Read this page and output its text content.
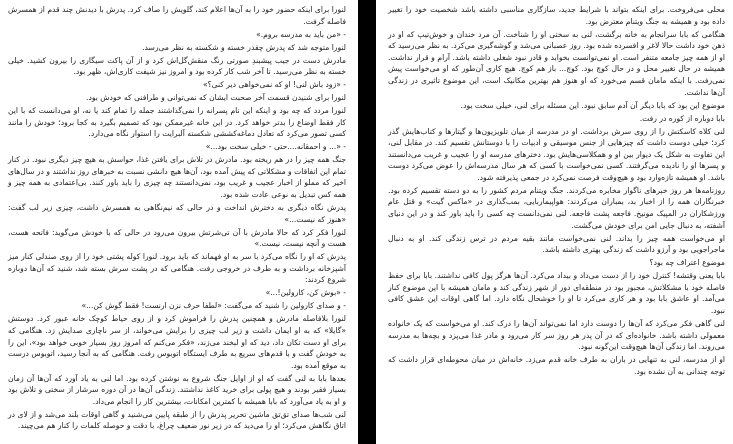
لنورا برای اینکه حضور خود را به آن‌ها اعلام کند، گلویش را صاف کرد. پدرش با دیدنش چند قدم از همسرش فاصله گرفت.

- «من باید به مدرسه بروم.»

لنورا متوجه شد که پدرش چقدر خسته و شکسته به نظر می‌رسد.

مادرش دست در جیب پیشبندِ صورتی رنگ منقش‌گل‌اش کرد و از آن پاکت سیگاری را بیرون کشید. خیلی خسته به نظر می‌رسید. تا آخر شب کار کرده بود و امروز نیز شیفت کاری‌اش، ظهر بود.

- «زود باش لنی! او که نمی‌خواهی دیر کنی؟»

لنورا برای شنیدن قسمت آخر صحبت ایشان که نمی‌توانی و طرافنی که خودش بود.

لنورا مردد که چه بود و اینکه این نام پسرانه را نمی‌گذاشتند جمله را تمام کند یا نه، او می‌دانست که با این کار فقط اوضاع را بدتر خواهد کرد. در این خانه غیرممکن بود که تصمیم بگیرد به کجا برود؛ خودش را مانند کسی تصور می‌کرد که تعادل دماغه‌کششی شکسته آلبرایت را استوار نگاه می‌دارد.

- «... و احمقانه....حتی - خیلی سخت بود...»

جنگ همه چیز را در هم ریخته بود. مادرش در تلاش برای یافتن غذا، حواسش به هیچ چیز دیگری نبود. در کنار تمام این اتفاقات و مشکلاتی که پیش آمده بود، آن‌ها هیچ دانشی نسبت به خبرهای روز نداشتند و در سال‌های اخیر که مملو از اخبار عجیب و غریب بود، نمی‌دانستند چه چیزی را باید باور کنند. بی‌اعتمادی به همه چیز و همه کس تبدیل به نوعی عادت شده بود.

پدرش نگاه دیگری به دخترش انداخت و در حالی که نیم‌نگاهی به همسرش داشت، چیزی زیر لب گفت: «هنوز که نیست...»

لنورا فکر کرد که حالا مادرش با آن تی‌شرتش بیرون می‌رود در حالی که با خودش می‌گوید: فاتحه هست، هست و آنچه نیست، نیست.»

پدرش که او را نگاه می‌کرد با سر به او فهماند که باید برود. لنورا کوله پشتی خود را از روی صندلی کنار میز آشپزخانه برداشت و به طرف در خروجی رفت. هنگامی که در پشت سرش بسته شد، شنید که آن‌ها دوباره شروع کردند:

- «بوش کن، کارولین!...»

- و صدای کارولین را شنید که می‌گفت: «لطفا حرف نزن ارنست! فقط گوش کن...»

لنورا بلافاصله مادرش و همچنین پدرش را فراموش کرد و از روی حیاط کوچک خانه عبور کرد. دوستش «گایلا» که به او ایمان داشت و زیر لب چیزی را برایش می‌خواند، از سر ناچاری صدایش زد. هنگامی که برای او دست تکان داد، دید که او لبخند می‌زند، «فکر می‌کنم که امروز روز بسیار خوبی خواهد بود»، این را به خودش گفت و با قدم‌های سریع به طرف ایستگاه اتوبوس رفت. هنگامی که به آنجا رسید، اتوبوس درست به موقع آمده بود.

بعدها بابا به لنی گفت که او از اوایل جنگ شروع به نوشتن کرده بود. اما لنی به یاد آورد که آن‌ها آن زمان بسیار فقیر بودند و هیچ پولی برای خرید کاغذ نداشتند. زندگی آن‌ها در آن دوره سرشار از سختی و تلاش بود و او به یاد می‌آورد که بابا همیشه با کمترین امکانات، بیشترین کار را انجام می‌داد.

لنی شب‌ها صدای تق‌تق ماشین تحریر پدرش را از طبقه پایین می‌شنید و گاهی اوقات بلند می‌شد و از لای در اتاق نگاهش می‌کرد؛ او را می‌دید که در زیر نور ضعیف چراغ، با دقت و حوصله کلمات را کنار هم می‌چیند.

محلی می‌فروخت. برای اینکه بتواند با شرایط جدید، سازگاری مناسبی داشته باشد شخصیت خود را تغییر داده بود و همیشه به جنگ ویتنام معترض بود.

هنگامی که بابا سرانجام به خانه برگشت، لنی به سختی او را شناخت. آن مرد خندان و خوش‌تیپ که او در ذهن خود داشت حالا لاغر و افسرده شده بود. روز عصبانی می‌شد و گوشه‌گیری می‌کرد. به نظر می‌رسید که او از همه چیز جامعه متنفر است. او نمی‌توانست بخوابد و قادر نبود شغلی داشته باشد. آرام و قرار نداشت. همیشه در حال تغییر محل و در حال کوچ بود. کوچ... باز هم کوچ. هیچ کاری آن‌طور که او می‌خواست پیش نمی‌رفت. با اینکه مامان قسم می‌خورد که او هنوز هم بهترین مکانیک است، این موضوع تاثیری در زندگی آن‌ها نداشت.

موضوع این بود که بابا دیگر آن آدم سابق نبود. این مسئله برای لنی، خیلی سخت بود.

بابا دوباره از کوره در رفت.

لنی کلاه کاسکتش را از روی سرش برداشت. او در مدرسه از میان تلویزیون‌ها و گیتارها و کتاب‌هایش گذر کرد؛ خیلی دوست داشت که چیزهایی از جنس موسیقی و ادبیات را با دوستانش تقسیم کند. در مقابل لنی، این تفاوت به شکل یک دیوار بین او و همکلاسی‌هایش بود. دخترهای مدرسه او را عجیب و غریب می‌دانستند و پسرها او را نادیده می‌گرفتند. کسی نمی‌خواست با کسی که هر سال مدرسه‌اش را عوض می‌کرد دوست باشد. او همیشه تازه‌وارد بود و هیچ‌وقت فرصت نمی‌کرد در جمعی پذیرفته شود.

روزنامه‌ها هر روز خبرهای ناگوار مخابره می‌کردند. جنگ ویتنام مردم کشور را به دو دسته تقسیم کرده بود. خبرنگاران همه را از اخبار بد، بمباران می‌کردند: هواپیماربایی، بمب‌گذاری در «ماکس گیت» و قتل عام ورزشکاران در المپیک مونیخ. فاجعه پشت فاجعه. لنی نمی‌دانست چه کسی را باید باور کند و در این دنیای آشفته، به دنبال جایی امن برای خودش می‌گشت.

او می‌خواست همه چیز را بداند. لنی نمی‌خواست مانند بقیه مردم در ترس زندگی کند. او به دنبال ماجراجویی بود و آرزو داشت که زندگی بهتری داشته باشد.

موضوع اعتراف چه بود؟

بابا یعنی وقتشه! کنترل خود را از دست می‌داد و بیداد می‌کرد. آن‌ها هرگز پول کافی نداشتند. بابا برای حفظ فاصله خود با مشکلاتش، مجبور بود در منطقه‌ای دور از شهر زندگی کند و مامان همیشه با این موضوع کنار می‌آمد. او عاشق بابا بود و هر کاری می‌کرد تا او را خوشحال نگاه دارد. اما گاهی اوقات این عشق کافی نبود.

لنی گاهی فکر می‌کرد که آن‌ها را دوست دارد اما نمی‌تواند آن‌ها را درک کند. او می‌خواست که یک خانواده معمولی داشته باشد. خانواده‌ای که در آن پدر هر روز سر کار می‌رود و مادر غذا می‌پزد و بچه‌ها به مدرسه می‌روند. اما زندگی آن‌ها هیچ‌وقت این‌گونه نبود.

او از مدرسه، لنی به تنهایی در باران به طرف خانه قدم می‌زد. خانه‌اش در میان محوطه‌ای قرار داشت که توجه چندانی به آن نشده بود.
